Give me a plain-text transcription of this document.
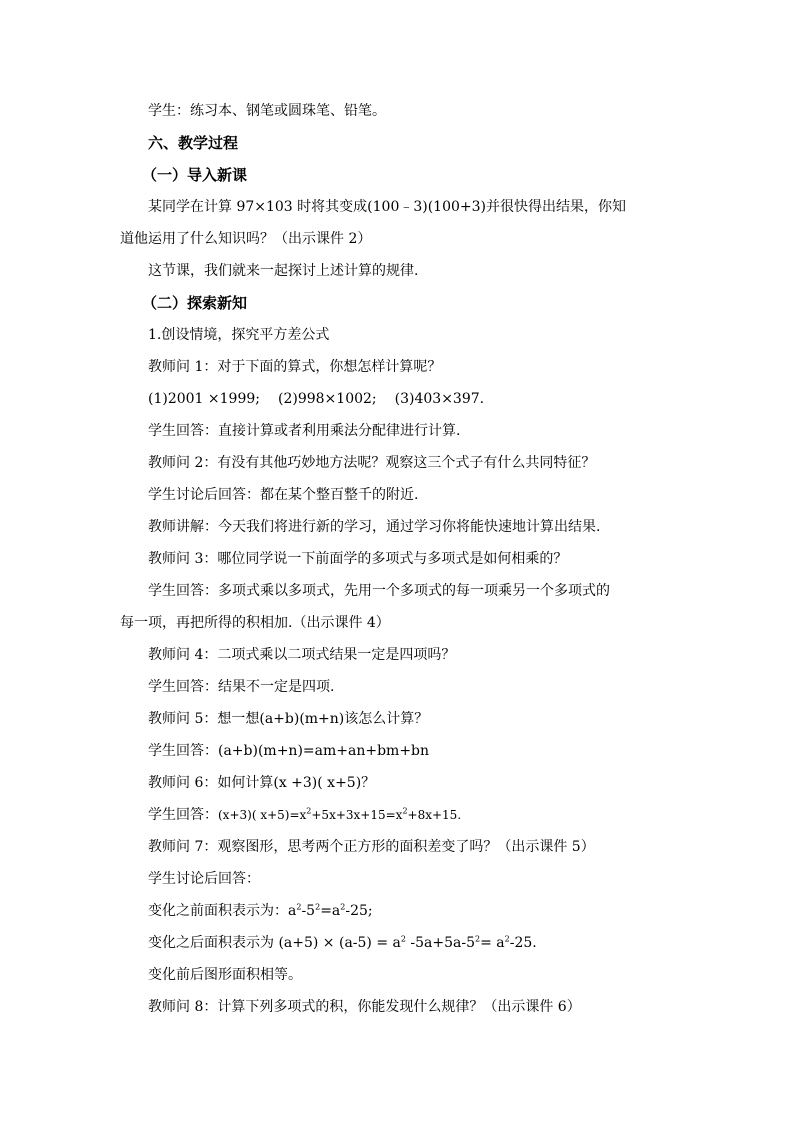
学生：练习本、钢笔或圆珠笔、铅笔。
六、教学过程
（一）导入新课
某同学在计算 97×103 时将其变成(100﹣3)(100+3)并很快得出结果，你知
道他运用了什么知识吗？（出示课件 2）
这节课，我们就来一起探讨上述计算的规律.
（二）探索新知
1.创设情境，探究平方差公式
教师问 1：对于下面的算式，你想怎样计算呢？
(1)2001 ×1999; (2)998×1002; (3)403×397.
学生回答：直接计算或者利用乘法分配律进行计算.
教师问 2：有没有其他巧妙地方法呢？观察这三个式子有什么共同特征？
学生讨论后回答：都在某个整百整千的附近.
教师讲解：今天我们将进行新的学习，通过学习你将能快速地计算出结果.
教师问 3：哪位同学说一下前面学的多项式与多项式是如何相乘的？
学生回答：多项式乘以多项式，先用一个多项式的每一项乘另一个多项式的
每一项，再把所得的积相加.（出示课件 4）
教师问 4：二项式乘以二项式结果一定是四项吗？
学生回答：结果不一定是四项.
教师问 5：想一想(a+b)(m+n)该怎么计算？
学生回答：(a+b)(m+n)=am+an+bm+bn
教师问 6：如何计算(x +3)( x+5)？
学生回答：(x+3)( $x+5)=x^2+5x+3x+15=x^2+8x+15$.
教师问 7：观察图形，思考两个正方形的面积差变了吗？（出示课件 5）
学生讨论后回答：
变化之前面积表示为：$a^2-5^2=a^2-25$;
变化之后面积表示为 $(a+5) \times (a-5) = a^2$ $-5a+5a-5^2= a^2-25$.
变化前后图形面积相等。
教师问 8：计算下列多项式的积，你能发现什么规律？（出示课件 6）
